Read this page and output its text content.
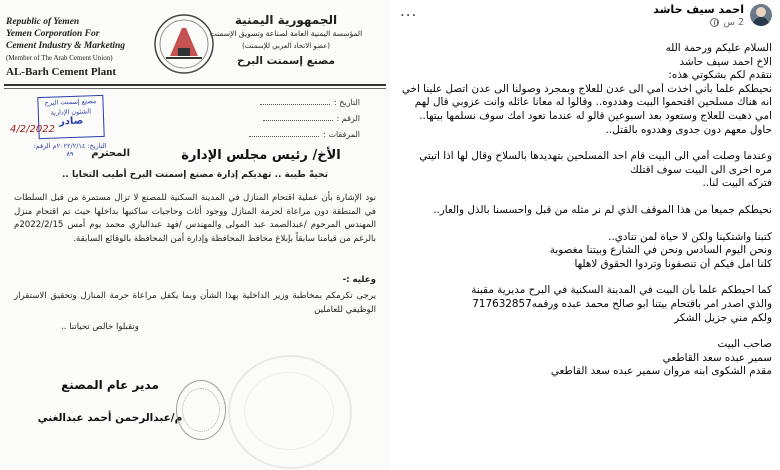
Republic of Yemen
Yemen Corporation For
Cement Industry & Marketing
(Member of The Arab Cement Union)
AL-Barh Cement Plant
الجمهورية اليمنية
المؤسسة اليمنية العامة لصناعة وتسويق الإسمنت
(عضو الاتحاد العربي للإسمنت)
مصنع إسمنت البرح
التاريخ :
الرقم :
المرفقات :
مصنع إسمنت البرح
الشئون الإدارية
صادر
4/2/2022
التاريخ: ٢٠٢٢/٢/١٤م الرقم: ٨٩	المحترم	الأخ/ رئيس مجلس الإدارة
تحيةً طيبة .. تهديكم إدارة مصنع إسمنت البرح أطيب التحايا ..
نود الإشارة بأن عملية اقتحام المنازل في المدينة السكنية للمصنع لا تزال مستمرة من قبل السلطات في المنطقة دون مراعاة لحرمة المنازل ووجود أثاث وحاجيات ساكنيها بداخلها حيث تم اقتحام منزل المهندس المرحوم /عبدالصمد عبد المولى والمهندس /فهد عبدالباري محمد يوم أمس 2022/2/15م بالرغم من قيامنا سابقاً بإبلاغ محافظ المحافظة وإدارة أمن المحافظة بالوقائع السابقة.
وعليه :-
يرجى تكرمكم بمخاطبة وزير الداخلية بهذا الشأن وبما يكفل مراعاة حرمة المنازل وتحقيق الاستقرار الوظيفي للعاملين
وتقبلوا خالص تحياتنا ..
مدير عام المصنع
م/عبدالرحمن أحمد عبدالغني
...	احمد سيف حاشد
2 س

السلام عليكم ورحمة الله

الاخ احمد سيف حاشد

نتقدم لكم بشكوتي هذه:

نحيطكم علماً بأني اخذت أمي الى عدن للعلاج وبمجرد وصولنا الى عدن اتصل علينا اخي انه هناك مسلحين اقتحموا البيت وهددوه.. وقالوا له معانا عائله وانت عزوبي قال لهم امي ذهبت للعلاج وستعود بعد اسبوعين قالو له عندما تعود امك سوف نسلمها بيتها.. حاول معهم دون جدوى وهددوه بالقتل..

وعندما وصلت أمي الى البيت قام احد المسلحين بتهديدها بالسلاح وقال لها اذا اتيتي مره اخرى الى البيت سوف اقتلك

فتركه البيت لنا..

نحيطكم جميعاً من هذا الموقف الذي لم نر مثله من قبل واحسسنا بالذل والعار..

كتبنا واشتكينا ولكن لا حياة لمن تنادي..

ونحن اليوم السادس ونحن في الشارع وبيتنا مغصوبة

كلنا امل فيكم أن تنصفونا وتردوا الحقوق لاهلها

كما احيطكم علماً بأن البيت في المدينة السكنية في البرح مديرية مقبنة

والذي اصدر امر باقتحام بيتنا ابو صالح محمد عبده ورقمه717632857

ولكم مني جزيل الشكر

صاحب البيت

سمير عبده سعد القاطعي

مقدم الشكوى ابنه مروان سمير عبده سعد القاطعي
